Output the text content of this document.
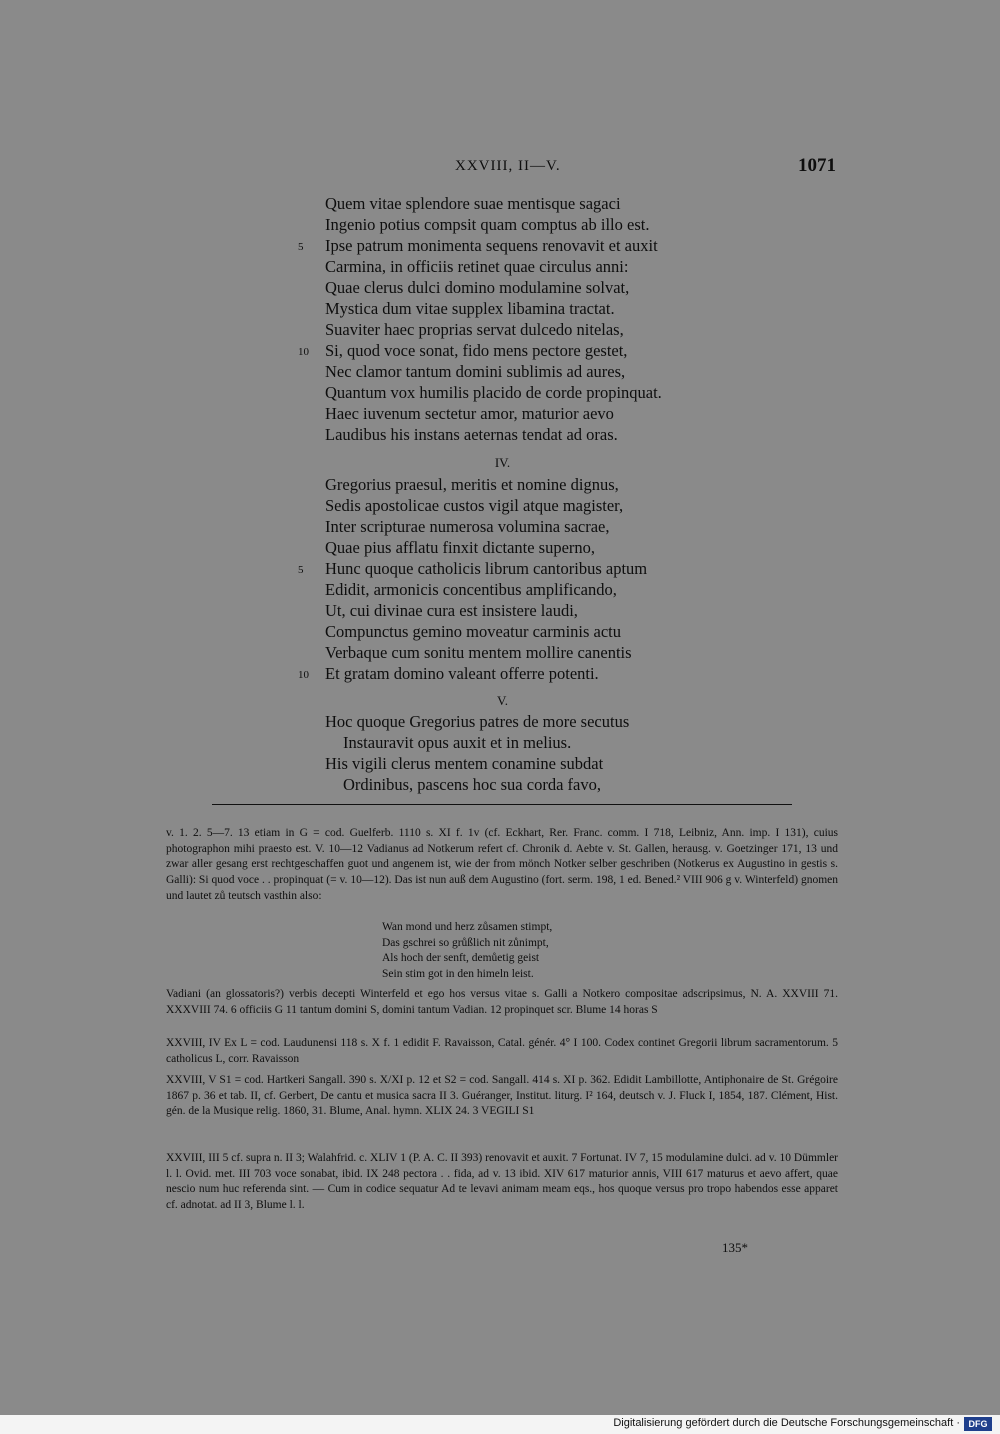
XXVIII, II—V.	1071
Quem vitae splendore suae mentisque sagaci
Ingenio potius compsit quam comptus ab illo est.
5 Ipse patrum monimenta sequens renovavit et auxit
Carmina, in officiis retinet quae circulus anni:
Quae clerus dulci domino modulamine solvat,
Mystica dum vitae supplex libamina tractat.
Suaviter haec proprias servat dulcedo nitelas,
10 Si, quod voce sonat, fido mens pectore gestet,
Nec clamor tantum domini sublimis ad aures,
Quantum vox humilis placido de corde propinquat.
Haec iuvenum sectetur amor, maturior aevo
Laudibus his instans aeternas tendat ad oras.
IV.
Gregorius praesul, meritis et nomine dignus,
Sedis apostolicae custos vigil atque magister,
Inter scripturae numerosa volumina sacrae,
Quae pius afflatu finxit dictante superno,
5 Hunc quoque catholicis librum cantoribus aptum
Edidit, armonicis concentibus amplificando,
Ut, cui divinae cura est insistere laudi,
Compunctus gemino moveatur carminis actu
Verbaque cum sonitu mentem mollire canentis
10 Et gratam domino valeant offerre potenti.
V.
Hoc quoque Gregorius patres de more secutus
Instauravit opus auxit et in melius.
His vigili clerus mentem conamine subdat
Ordinibus, pascens hoc sua corda favo,

v. 1. 2. 5—7. 13 etiam in G = cod. Guelferb. 1110 s. XI f. 1v (cf. Eckhart, Rer. Franc. comm. I 718, Leibniz, Ann. imp. I 131), cuius photographon mihi praesto est. V. 10—12 Vadianus ad Notkerum refert cf. Chronik d. Aebte v. St. Gallen, herausg. v. Goetzinger 171, 13 und zwar aller gesang erst rechtgeschaffen guot und angenem ist, wie der from mönch Notker selber geschriben (Notkerus ex Augustino in gestis s. Galli): Si quod voce . . propinquat (= v. 10—12). Das ist nun auß dem Augustino (fort. serm. 198, 1 ed. Bened.² VIII 906 g v. Winterfeld) gnomen und lautet zů teutsch vasthin also:

Wan mond und herz zůsamen stimpt,
Das gschrei so grůßlich nit zůnimpt,
Als hoch der senft, demůetig geist
Sein stim got in den himeln leist.

Vadiani (an glossatoris?) verbis decepti Winterfeld et ego hos versus vitae s. Galli a Notkero compositae adscripsimus, N. A. XXVIII 71. XXXVIII 74. 6 officiis G 11 tantum domini S, domini tantum Vadian. 12 propinquet scr. Blume 14 horas S

XXVIII, IV Ex L = cod. Laudunensi 118 s. X f. 1 edidit F. Ravaisson, Catal. génér. 4° I 100. Codex continet Gregorii librum sacramentorum. 5 catholicus L, corr. Ravaisson

XXVIII, V S1 = cod. Hartkeri Sangall. 390 s. X/XI p. 12 et S2 = cod. Sangall. 414 s. XI p. 362. Edidit Lambillotte, Antiphonaire de St. Grégoire 1867 p. 36 et tab. II, cf. Gerbert, De cantu et musica sacra II 3. Guéranger, Institut. liturg. I² 164, deutsch v. J. Fluck I, 1854, 187. Clément, Hist. gén. de la Musique relig. 1860, 31. Blume, Anal. hymn. XLIX 24. 3 VEGILI S1

XXVIII, III 5 cf. supra n. II 3; Walahfrid. c. XLIV 1 (P. A. C. II 393) renovavit et auxit. 7 Fortunat. IV 7, 15 modulamine dulci. ad v. 10 Dümmler l. l. Ovid. met. III 703 voce sonabat, ibid. IX 248 pectora . . fida, ad v. 13 ibid. XIV 617 maturior annis, VIII 617 maturus et aevo affert, quae nescio num huc referenda sint. — Cum in codice sequatur Ad te levavi animam meam eqs., hos quoque versus pro tropo habendos esse apparet cf. adnotat. ad II 3, Blume l. l.

135*
Digitalisierung gefördert durch die Deutsche Forschungsgemeinschaft · DFG
